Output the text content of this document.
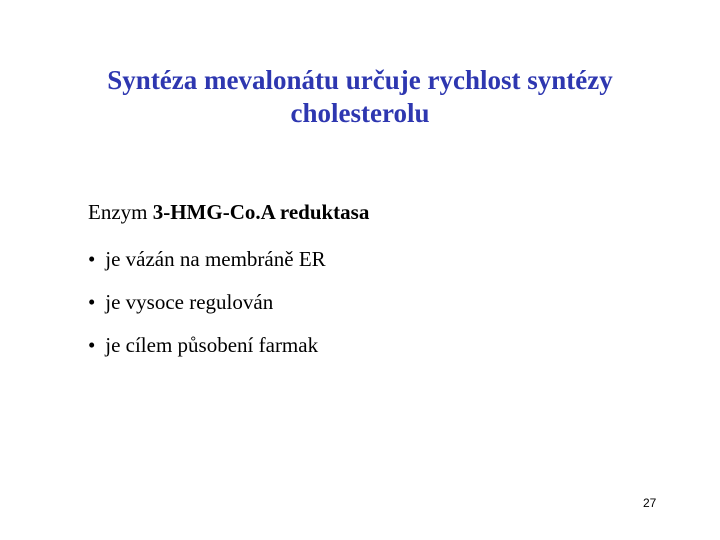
Syntéza mevalonátu určuje rychlost syntézy
cholesterolu
Enzym 3-HMG-Co.A reduktasa
• je vázán na membráně ER
• je vysoce regulován
• je cílem působení farmak
27
